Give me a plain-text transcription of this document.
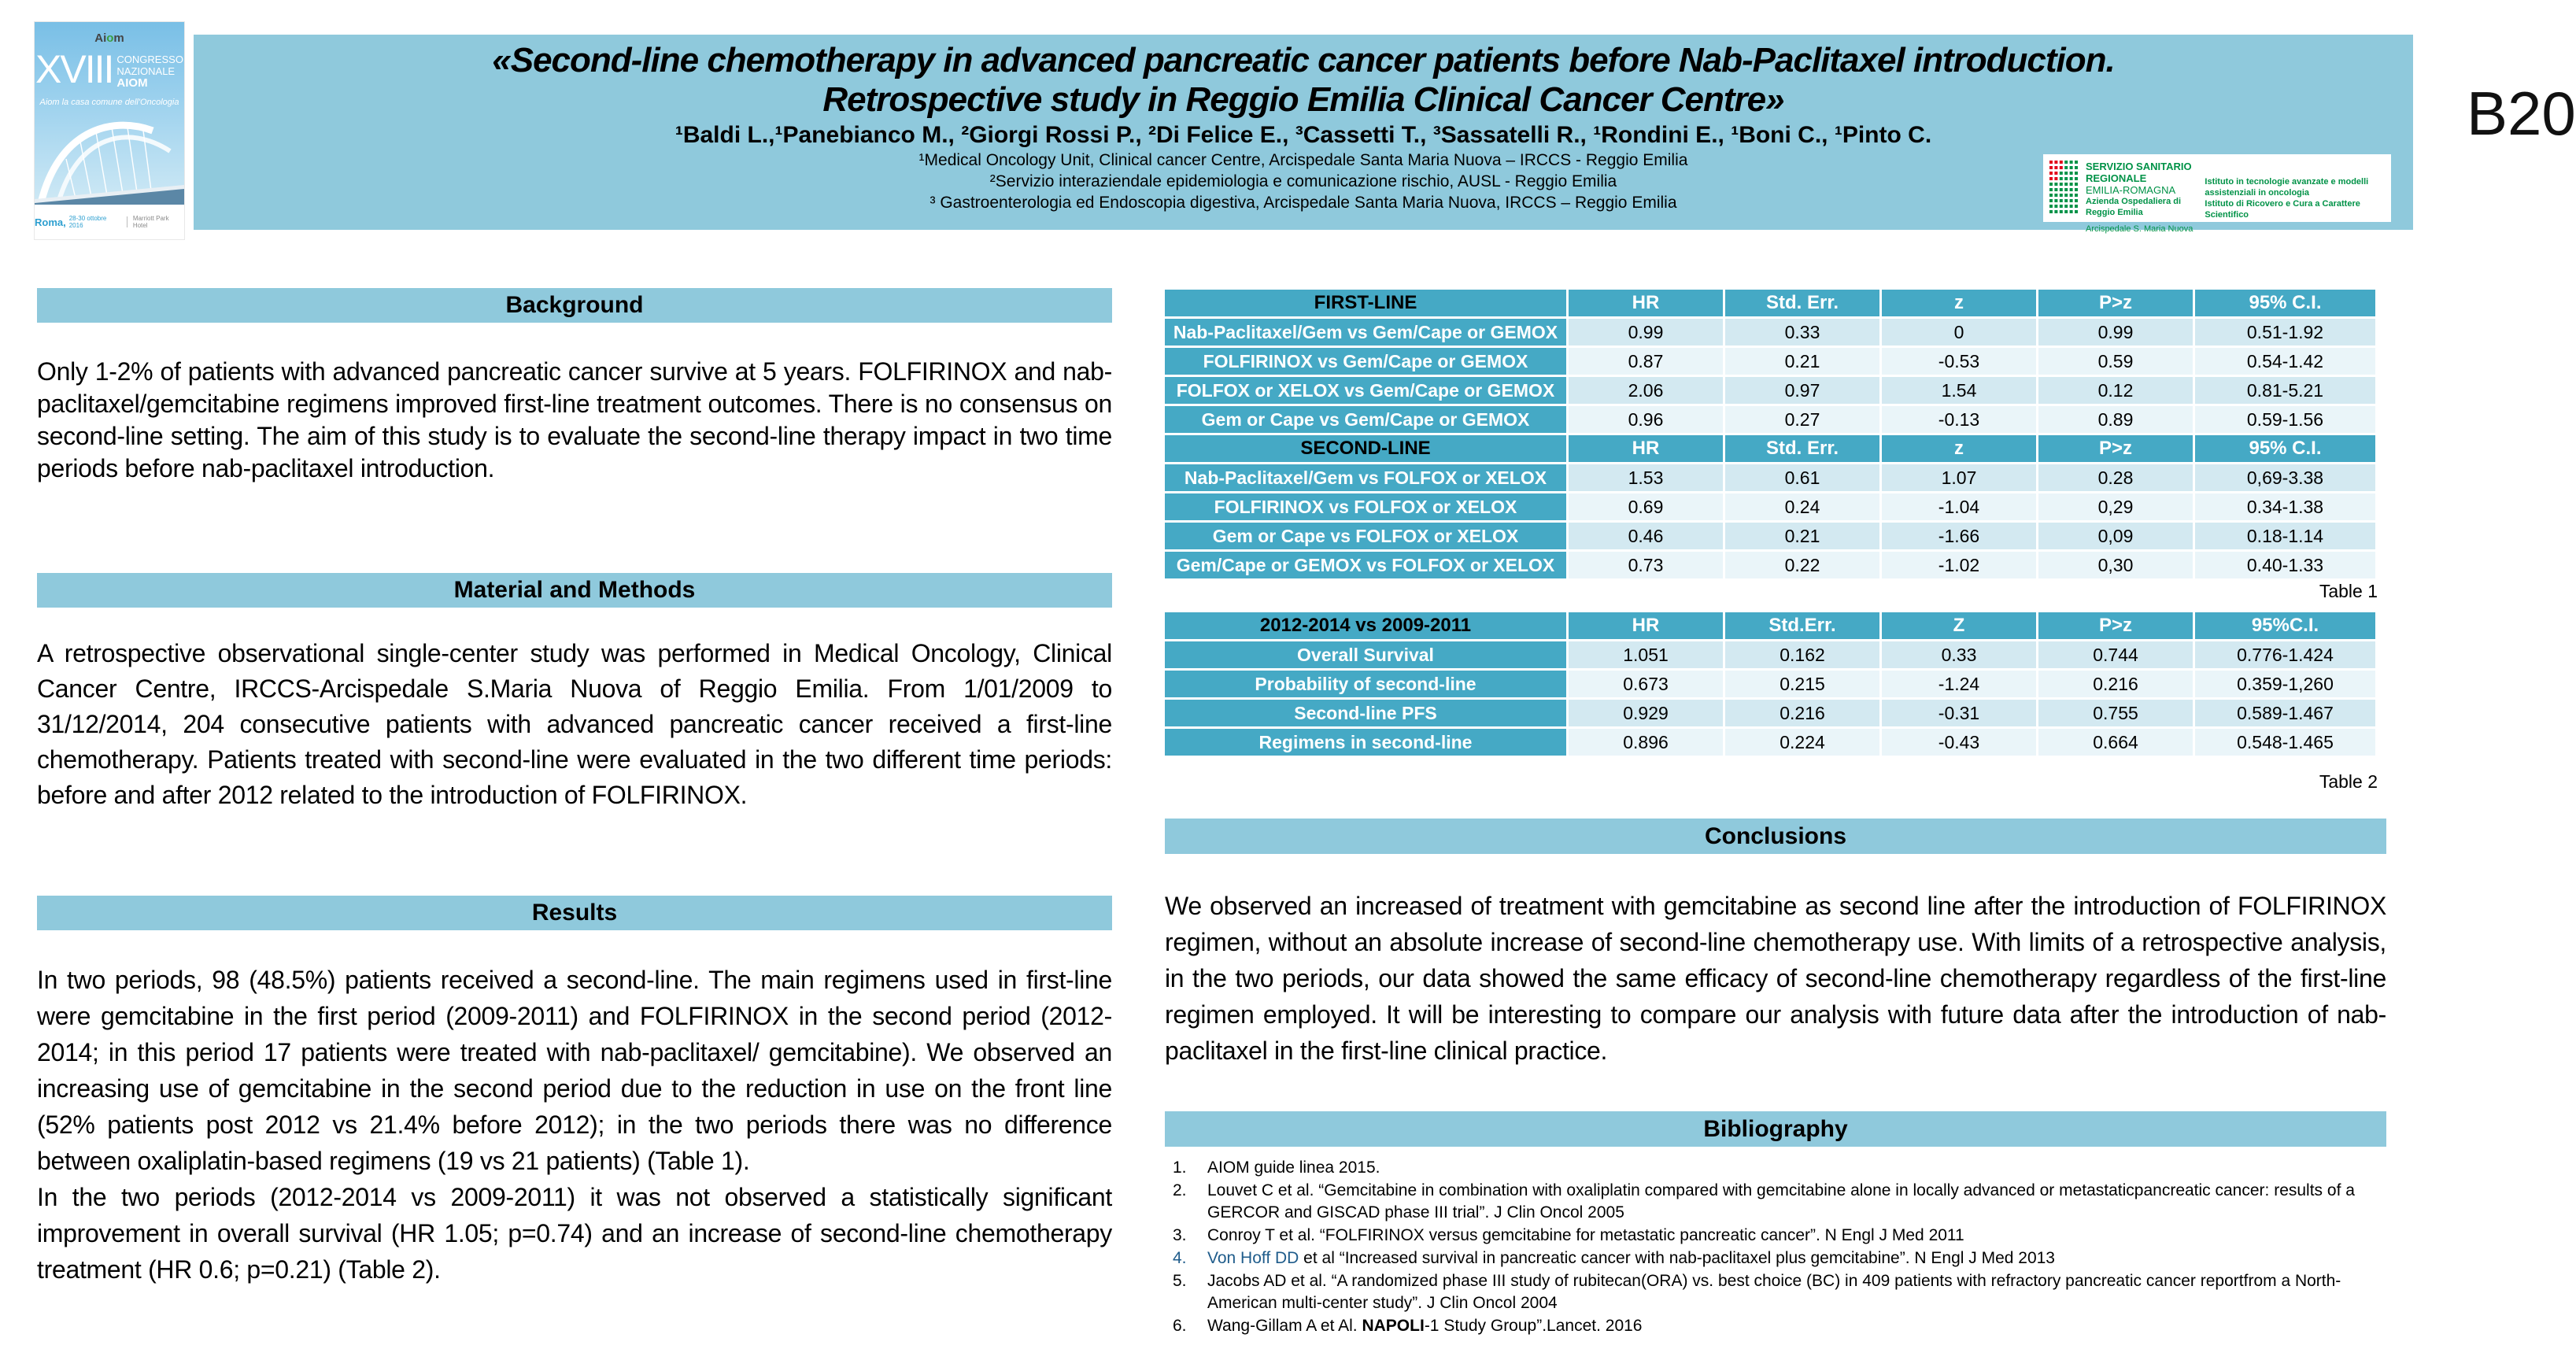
«Second-line chemotherapy in advanced pancreatic cancer patients before Nab-Paclitaxel introduction.
Retrospective study in Reggio Emilia Clinical Cancer Centre»
¹Baldi L.,¹Panebianco M., ²Giorgi Rossi P., ²Di Felice E., ³Cassetti T., ³Sassatelli R., ¹Rondini E., ¹Boni C., ¹Pinto C.
¹Medical Oncology Unit, Clinical cancer Centre, Arcispedale Santa Maria Nuova – IRCCS - Reggio Emilia
²Servizio interaziendale epidemiologia e comunicazione rischio, AUSL - Reggio Emilia
³ Gastroenterologia ed Endoscopia digestiva, Arcispedale Santa Maria Nuova, IRCCS – Reggio Emilia
B20
Aiom
XVIII CONGRESSO
NAZIONALE
AIOM
Aiom la casa comune dell'Oncologia
Roma, 28-30 ottobre 2016
Marriott Park Hotel
SERVIZIO SANITARIO REGIONALE
EMILIA-ROMAGNA
Azienda Ospedaliera di Reggio Emilia
Arcispedale S. Maria Nuova
Istituto in tecnologie avanzate e modelli assistenziali in oncologia
Istituto di Ricovero e Cura a Carattere Scientifico
Background

Only 1-2% of patients with advanced pancreatic cancer survive at 5 years. FOLFIRINOX and nab-paclitaxel/gemcitabine regimens improved first-line treatment outcomes. There is no consensus on second-line setting. The aim of this study is to evaluate the second-line therapy impact in two time periods before nab-paclitaxel introduction.

Material and Methods

A retrospective observational single-center study was performed in Medical Oncology, Clinical Cancer Centre, IRCCS-Arcispedale S.Maria Nuova of Reggio Emilia. From 1/01/2009 to 31/12/2014, 204 consecutive patients with advanced pancreatic cancer received a first-line chemotherapy. Patients treated with second-line were evaluated in the two different time periods: before and after 2012 related to the introduction of FOLFIRINOX.

Results

In two periods, 98 (48.5%) patients received a second-line. The main regimens used in first-line were gemcitabine in the first period (2009-2011) and FOLFIRINOX in the second period (2012-2014; in this period 17 patients were treated with nab-paclitaxel/ gemcitabine). We observed an increasing use of gemcitabine in the second period due to the reduction in use on the front line (52% patients post 2012 vs 21.4% before 2012); in the two periods there was no difference between oxaliplatin-based regimens (19 vs 21 patients) (Table 1).

In the two periods (2012-2014 vs 2009-2011) it was not observed a statistically significant improvement in overall survival (HR 1.05; p=0.74) and an increase of second-line chemotherapy treatment (HR 0.6; p=0.21) (Table 2).

FIRST-LINE	HR	Std. Err.	z	P>z	95% C.I.
Nab-Paclitaxel/Gem vs Gem/Cape or GEMOX	0.99	0.33	0	0.99	0.51-1.92
FOLFIRINOX vs Gem/Cape or GEMOX	0.87	0.21	-0.53	0.59	0.54-1.42
FOLFOX or XELOX vs Gem/Cape or GEMOX	2.06	0.97	1.54	0.12	0.81-5.21
Gem or Cape vs Gem/Cape or GEMOX	0.96	0.27	-0.13	0.89	0.59-1.56
SECOND-LINE	HR	Std. Err.	z	P>z	95% C.I.
Nab-Paclitaxel/Gem vs FOLFOX or XELOX	1.53	0.61	1.07	0.28	0,69-3.38
FOLFIRINOX vs FOLFOX or XELOX	0.69	0.24	-1.04	0,29	0.34-1.38
Gem or Cape vs FOLFOX or XELOX	0.46	0.21	-1.66	0,09	0.18-1.14
Gem/Cape or GEMOX vs FOLFOX or XELOX	0.73	0.22	-1.02	0,30	0.40-1.33
Table 1
2012-2014 vs 2009-2011	HR	Std.Err.	Z	P>z	95%C.I.
Overall Survival	1.051	0.162	0.33	0.744	0.776-1.424
Probability of second-line	0.673	0.215	-1.24	0.216	0.359-1,260
Second-line PFS	0.929	0.216	-0.31	0.755	0.589-1.467
Regimens in second-line	0.896	0.224	-0.43	0.664	0.548-1.465
Table 2
Conclusions

We observed an increased of treatment with gemcitabine as second line after the introduction of FOLFIRINOX regimen, without an absolute increase of second-line chemotherapy use. With limits of a retrospective analysis, in the two periods, our data showed the same efficacy of second-line chemotherapy regardless of the first-line regimen employed. It will be interesting to compare our analysis with future data after the introduction of nab-paclitaxel in the first-line clinical practice.

Bibliography
1.	AIOM guide linea 2015.
2.	Louvet C et al. “Gemcitabine in combination with oxaliplatin compared with gemcitabine alone in locally advanced or metastaticpancreatic cancer: results of a GERCOR and GISCAD phase III trial”. J Clin Oncol 2005
3.	Conroy T et al. “FOLFIRINOX versus gemcitabine for metastatic pancreatic cancer”. N Engl J Med 2011
4.	Von Hoff DD et al “Increased survival in pancreatic cancer with nab-paclitaxel plus gemcitabine”. N Engl J Med 2013
5.	Jacobs AD et al. “A randomized phase III study of rubitecan(ORA) vs. best choice (BC) in 409 patients with refractory pancreatic cancer reportfrom a North-American multi-center study”. J Clin Oncol 2004
6.	Wang-Gillam A et Al. NAPOLI-1 Study Group”.Lancet. 2016
